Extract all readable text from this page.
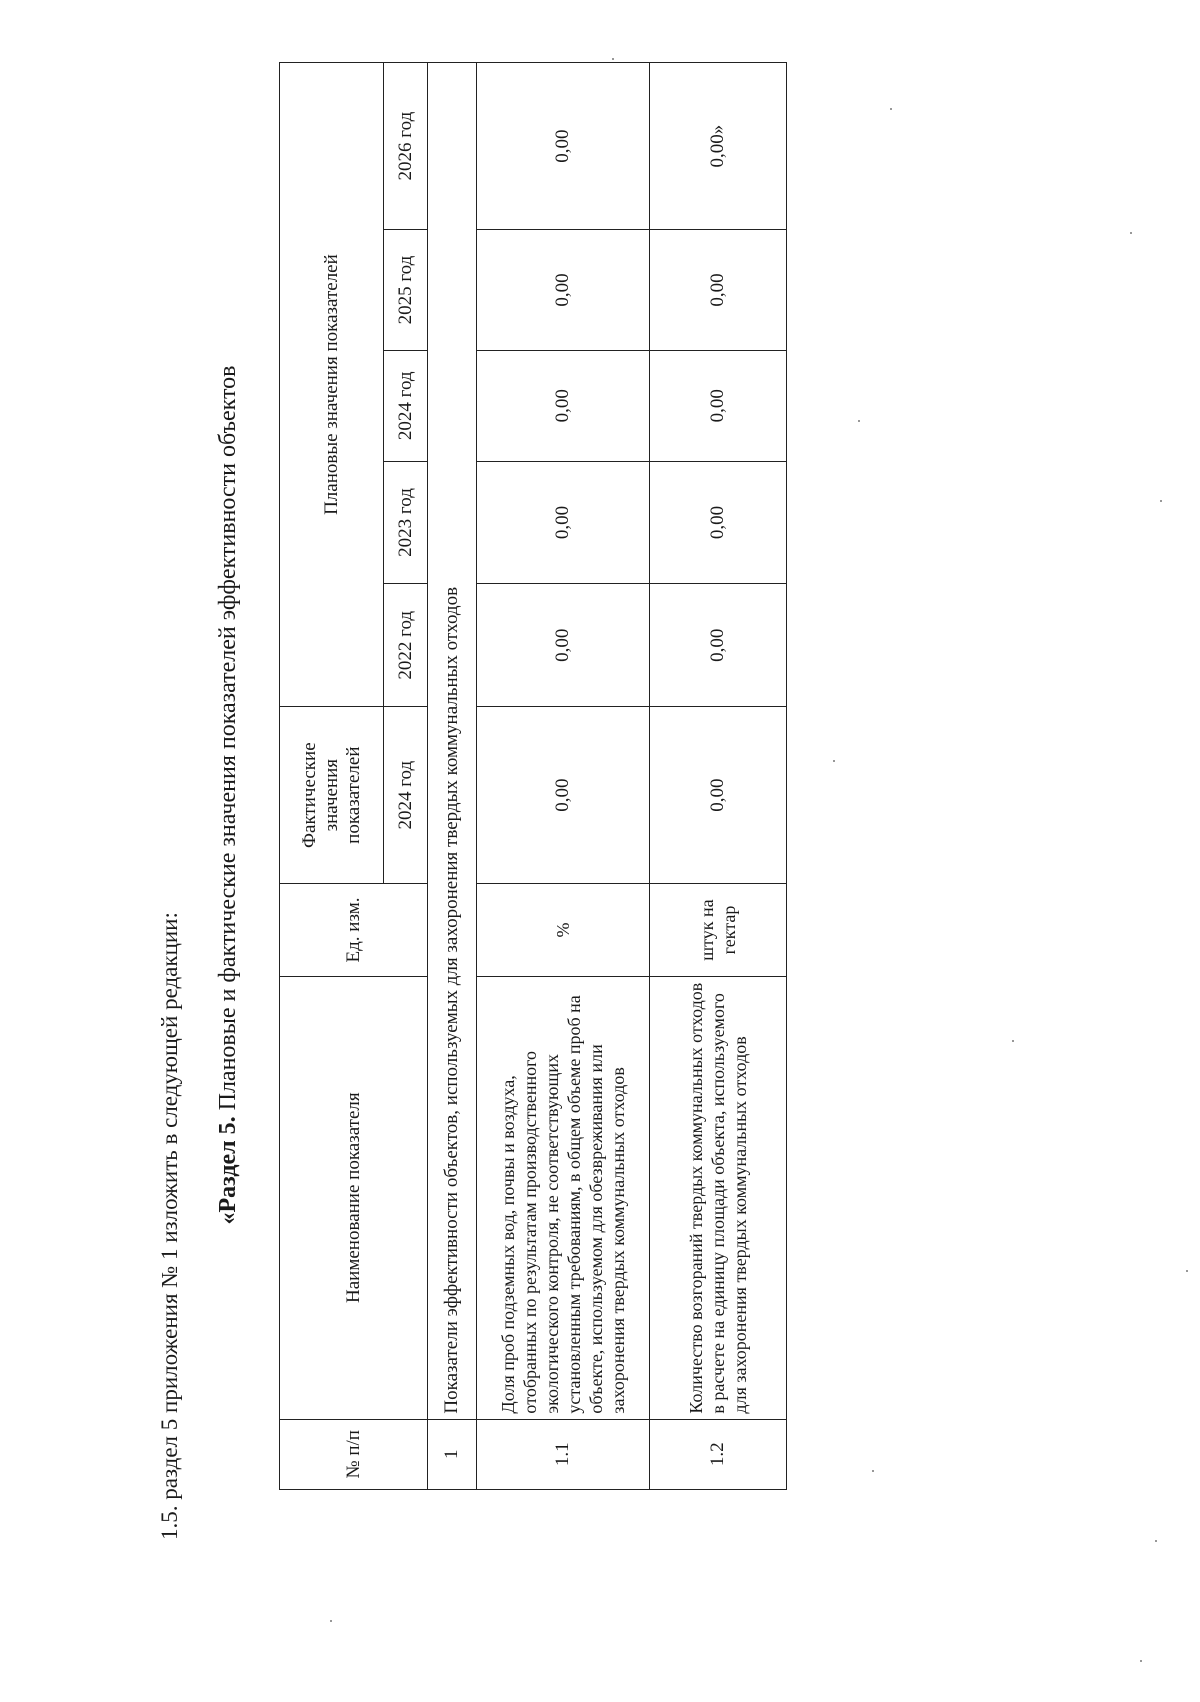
1.5. раздел 5 приложения № 1 изложить в следующей редакции: «Раздел 5. Плановые и фактические значения показателей эффективности объектов
№ п/п	Наименование показателя	Ед. изм.	Фактические значения показателей	Плановые значения показателей				
			2024 год	2022 год	2023 год	2024 год	2025 год	2026 год
1	Показатели эффективности объектов, используемых для захоронения твердых коммунальных отходов							
1.1	Доля проб подземных вод, почвы и воздуха, отобранных по результатам производственного экологического контроля, не соответствующих установленным требованиям, в общем объеме проб на объекте, используемом для обезвреживания или захоронения твердых коммунальных отходов	%	0,00	0,00	0,00	0,00	0,00	0,00
1.2	Количество возгораний твердых коммунальных отходов в расчете на единицу площади объекта, используемого для захоронения твердых коммунальных отходов	штук на гектар	0,00	0,00	0,00	0,00	0,00	0,00»
